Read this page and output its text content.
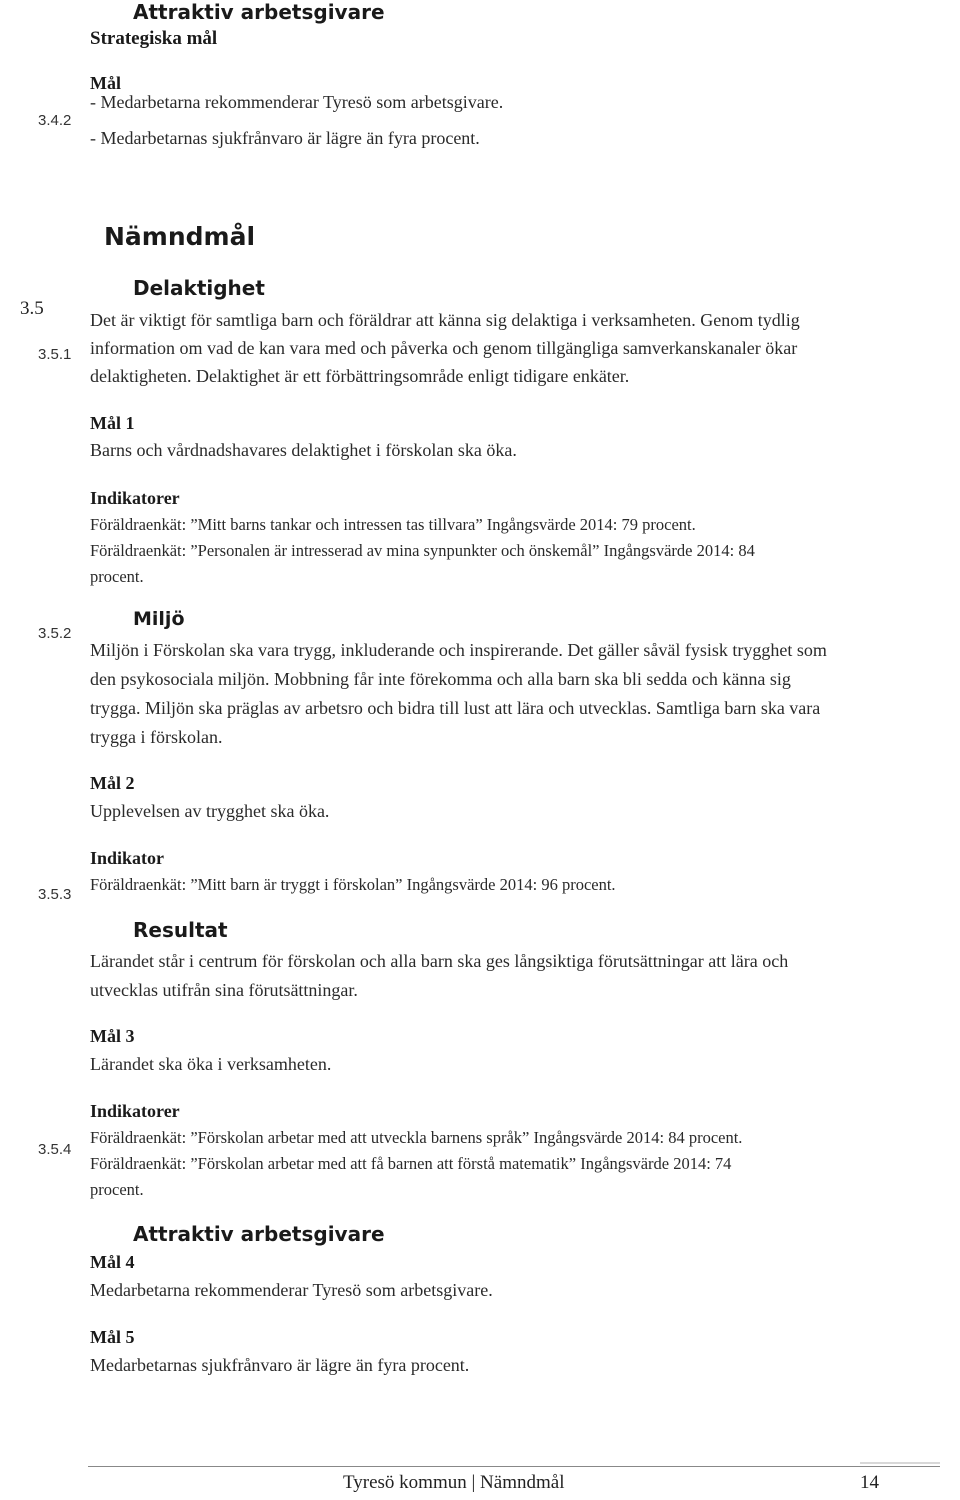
Attraktiv arbetsgivare
Strategiska mål
Mål
3.4.2
- Medarbetarna rekommenderar Tyresö som arbetsgivare.
- Medarbetarnas sjukfrånvaro är lägre än fyra procent.
3.5
Nämndmål
3.5.1
Delaktighet
Det är viktigt för samtliga barn och föräldrar att känna sig delaktiga i verksamheten. Genom tydlig
information om vad de kan vara med och påverka och genom tillgängliga samverkanskanaler ökar
delaktigheten. Delaktighet är ett förbättringsområde enligt tidigare enkäter.
Mål 1
Barns och vårdnadshavares delaktighet i förskolan ska öka.
Indikatorer
Föräldraenkät: ”Mitt barns tankar och intressen tas tillvara” Ingångsvärde 2014: 79 procent.
Föräldraenkät: ”Personalen är intresserad av mina synpunkter och önskemål” Ingångsvärde 2014: 84
procent.
3.5.2
Miljö
Miljön i Förskolan ska vara trygg, inkluderande och inspirerande. Det gäller såväl fysisk trygghet som
den psykosociala miljön. Mobbning får inte förekomma och alla barn ska bli sedda och känna sig
trygga. Miljön ska präglas av arbetsro och bidra till lust att lära och utvecklas. Samtliga barn ska vara
trygga i förskolan.
Mål 2
Upplevelsen av trygghet ska öka.
Indikator
Föräldraenkät: ”Mitt barn är tryggt i förskolan” Ingångsvärde 2014: 96 procent.
3.5.3
Resultat
Lärandet står i centrum för förskolan och alla barn ska ges långsiktiga förutsättningar att lära och
utvecklas utifrån sina förutsättningar.
Mål 3
Lärandet ska öka i verksamheten.
Indikatorer
Föräldraenkät: ”Förskolan arbetar med att utveckla barnens språk” Ingångsvärde 2014: 84 procent.
Föräldraenkät: ”Förskolan arbetar med att få barnen att förstå matematik” Ingångsvärde 2014: 74
procent.
3.5.4
Attraktiv arbetsgivare
Mål 4
Medarbetarna rekommenderar Tyresö som arbetsgivare.
Mål 5
Medarbetarnas sjukfrånvaro är lägre än fyra procent.
Tyresö kommun | Nämndmål	14
